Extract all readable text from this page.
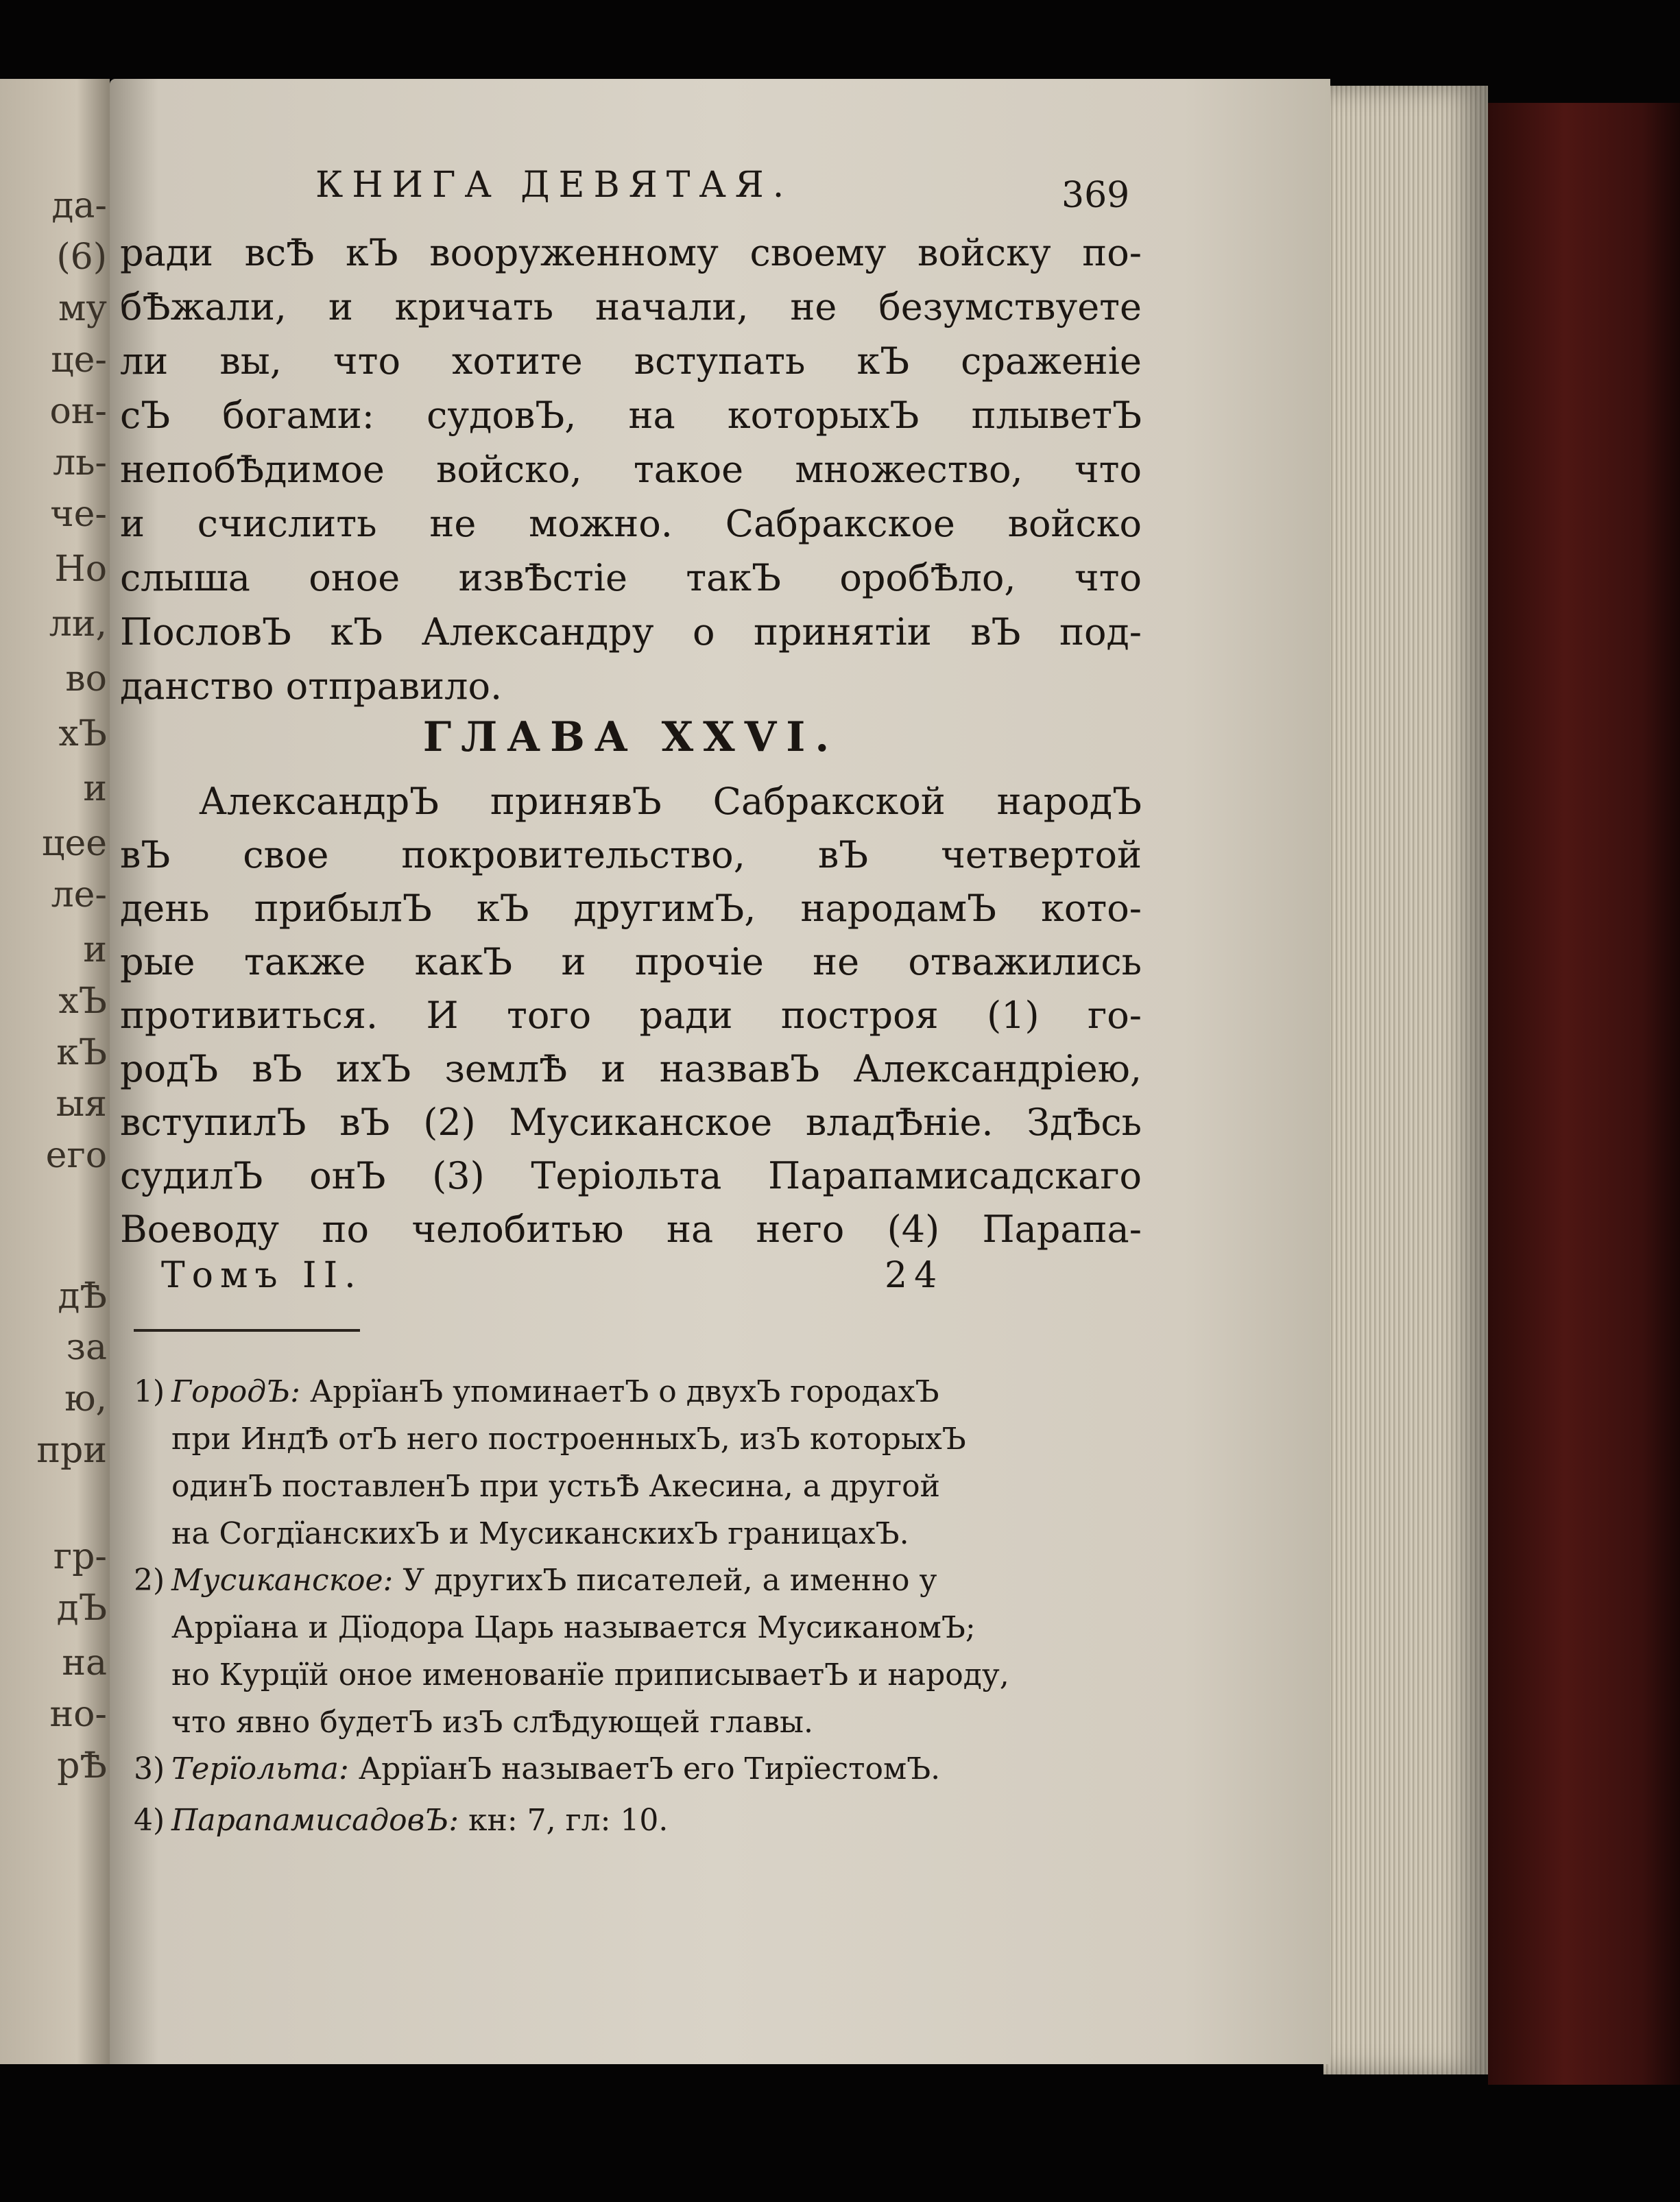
да-
(6)
му
це-
он-
ль-
че-
Но
ли,
во
хЪ
и
цее
ле-
и
хЪ
кЪ
ыя
его
дѢ
за
ю,
при
гр-
дЪ
на
но-
рѢ
КНИГА ДЕВЯТАЯ.	369
ради всѢ кЪ вооруженному своему войску по-
бѢжали, и кричать начали, не безумствуете
ли вы, что хотите вступать кЪ сраженiе
сЪ богами: судовЪ, на которыхЪ плыветЪ
непобѢдимое войско, такое множество, что
и счислить не можно. Сабракское войско
слыша оное извѢстiе такЪ оробѢло, что
ПословЪ кЪ Александру о принятiи вЪ под-
данство отправило.
ГЛАВА XXVI.
АлександрЪ принявЪ Сабракской народЪ
вЪ свое покровительство, вЪ четвертой
день прибылЪ кЪ другимЪ, народамЪ кото-
рые также какЪ и прочiе не отважились
противиться. И того ради построя (1) го-
родЪ вЪ ихЪ землѢ и назвавЪ Александрiею,
вступилЪ вЪ (2) Мусиканское владѢнiе. ЗдѢсь
судилЪ онЪ (3) Терiольта Парапамисадскаго
Воеводу по челобитью на него (4) Парапа-
Томъ II.	24
1) ГородЪ: АррïанЪ упоминаетЪ о двухЪ городахЪ
при ИндѢ отЪ него построенныхЪ, изЪ которыхЪ
одинЪ поставленЪ при устьѢ Акесина, а другой
на СогдïанскихЪ и МусиканскихЪ границахЪ.
2) Мусиканское: У другихЪ писателей, а именно у
Аррïана и Дïодора Царь называется МусиканомЪ;
но Курцïй оное именованïе приписываетЪ и народу,
что явно будетЪ изЪ слѢдующей главы.
3) Терïольта: АррïанЪ называетЪ его ТирïестомЪ.
4) ПарапамисадовЪ: кн: 7, гл: 10.
